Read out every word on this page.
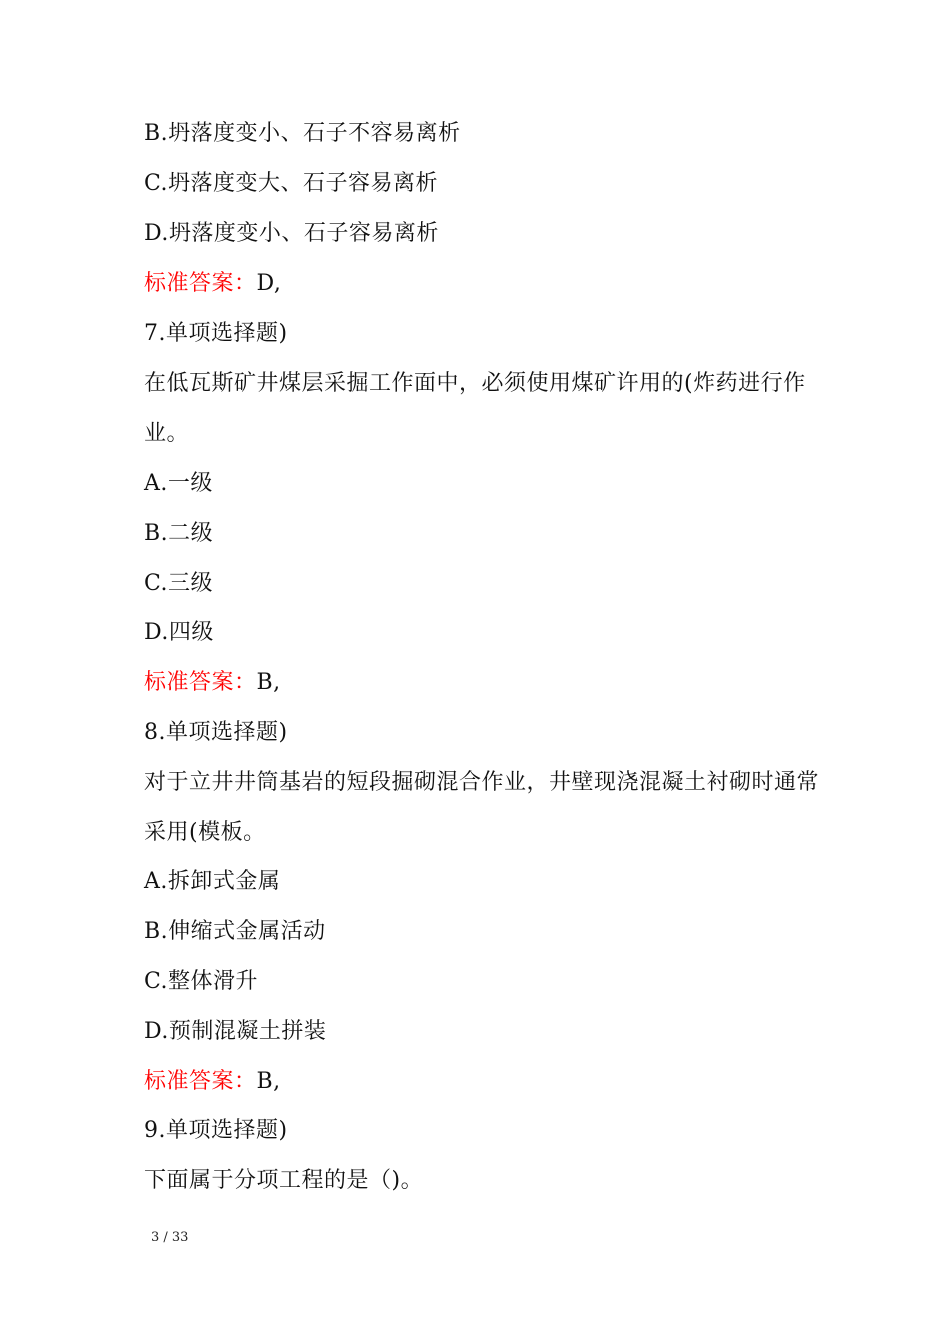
B.坍落度变小、石子不容易离析
C.坍落度变大、石子容易离析
D.坍落度变小、石子容易离析
标准答案：D,
7.单项选择题)
在低瓦斯矿井煤层采掘工作面中，必须使用煤矿许用的(炸药进行作
业。
A.一级
B.二级
C.三级
D.四级
标准答案：B,
8.单项选择题)
对于立井井筒基岩的短段掘砌混合作业，井壁现浇混凝土衬砌时通常
采用(模板。
A.拆卸式金属
B.伸缩式金属活动
C.整体滑升
D.预制混凝土拼装
标准答案：B,
9.单项选择题)
下面属于分项工程的是（)。
3 / 33
